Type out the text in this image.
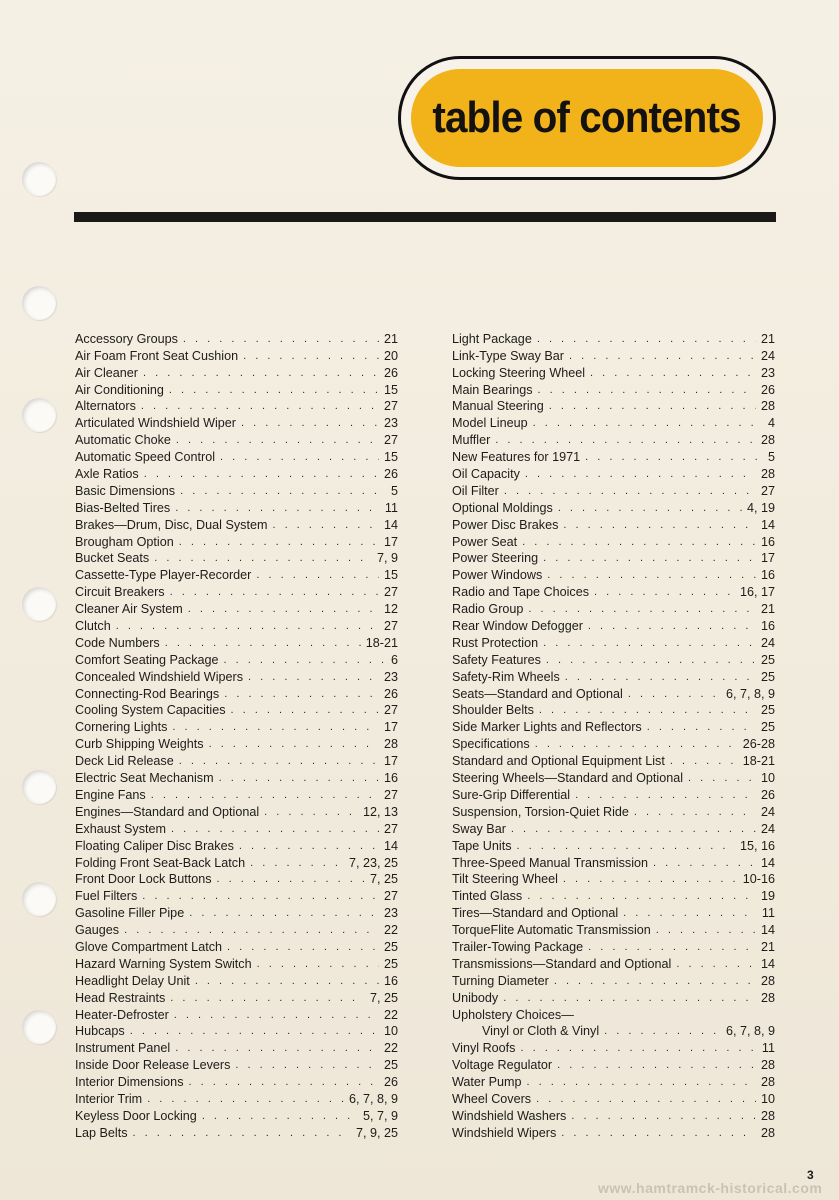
table of contents
Accessory Groups . . .	21
Air Foam Front Seat Cushion . . .	20
Air Cleaner . . .	26
Air Conditioning . . .	15
Alternators . . .	27
Articulated Windshield Wiper . . .	23
Automatic Choke . . .	27
Automatic Speed Control . . .	15
Axle Ratios . . .	26
Basic Dimensions . . .	5
Bias-Belted Tires . . .	11
Brakes—Drum, Disc, Dual System . . .	14
Brougham Option . . .	17
Bucket Seats . . .	7, 9
Cassette-Type Player-Recorder . . .	15
Circuit Breakers . . .	27
Cleaner Air System . . .	12
Clutch . . .	27
Code Numbers . . .	18-21
Comfort Seating Package . . .	6
Concealed Windshield Wipers . . .	23
Connecting-Rod Bearings . . .	26
Cooling System Capacities . . .	27
Cornering Lights . . .	17
Curb Shipping Weights . . .	28
Deck Lid Release . . .	17
Electric Seat Mechanism . . .	16
Engine Fans . . .	27
Engines—Standard and Optional . . .	12, 13
Exhaust System . . .	27
Floating Caliper Disc Brakes . . .	14
Folding Front Seat-Back Latch . . .	7, 23, 25
Front Door Lock Buttons . . .	7, 25
Fuel Filters . . .	27
Gasoline Filler Pipe . . .	23
Gauges . . .	22
Glove Compartment Latch . . .	25
Hazard Warning System Switch . . .	25
Headlight Delay Unit . . .	16
Head Restraints . . .	7, 25
Heater-Defroster . . .	22
Hubcaps . . .	10
Instrument Panel . . .	22
Inside Door Release Levers . . .	25
Interior Dimensions . . .	26
Interior Trim . . .	6, 7, 8, 9
Keyless Door Locking . . .	5, 7, 9
Lap Belts . . .	7, 9, 25
Light Package . . .	21
Link-Type Sway Bar . . .	24
Locking Steering Wheel . . .	23
Main Bearings . . .	26
Manual Steering . . .	28
Model Lineup . . .	4
Muffler . . .	28
New Features for 1971 . . .	5
Oil Capacity . . .	28
Oil Filter . . .	27
Optional Moldings . . .	4, 19
Power Disc Brakes . . .	14
Power Seat . . .	16
Power Steering . . .	17
Power Windows . . .	16
Radio and Tape Choices . . .	16, 17
Radio Group . . .	21
Rear Window Defogger . . .	16
Rust Protection . . .	24
Safety Features . . .	25
Safety-Rim Wheels . . .	25
Seats—Standard and Optional . . .	6, 7, 8, 9
Shoulder Belts . . .	25
Side Marker Lights and Reflectors . . .	25
Specifications . . .	26-28
Standard and Optional Equipment List . . .	18-21
Steering Wheels—Standard and Optional . . .	10
Sure-Grip Differential . . .	26
Suspension, Torsion-Quiet Ride . . .	24
Sway Bar . . .	24
Tape Units . . .	15, 16
Three-Speed Manual Transmission . . .	14
Tilt Steering Wheel . . .	10-16
Tinted Glass . . .	19
Tires—Standard and Optional . . .	11
TorqueFlite Automatic Transmission . . .	14
Trailer-Towing Package . . .	21
Transmissions—Standard and Optional . . .	14
Turning Diameter . . .	28
Unibody . . .	28
Upholstery Choices—
Vinyl or Cloth & Vinyl . . .	6, 7, 8, 9
Vinyl Roofs . . .	11
Voltage Regulator . . .	28
Water Pump . . .	28
Wheel Covers . . .	10
Windshield Washers . . .	28
Windshield Wipers . . .	28
3
www.hamtramck-historical.com
